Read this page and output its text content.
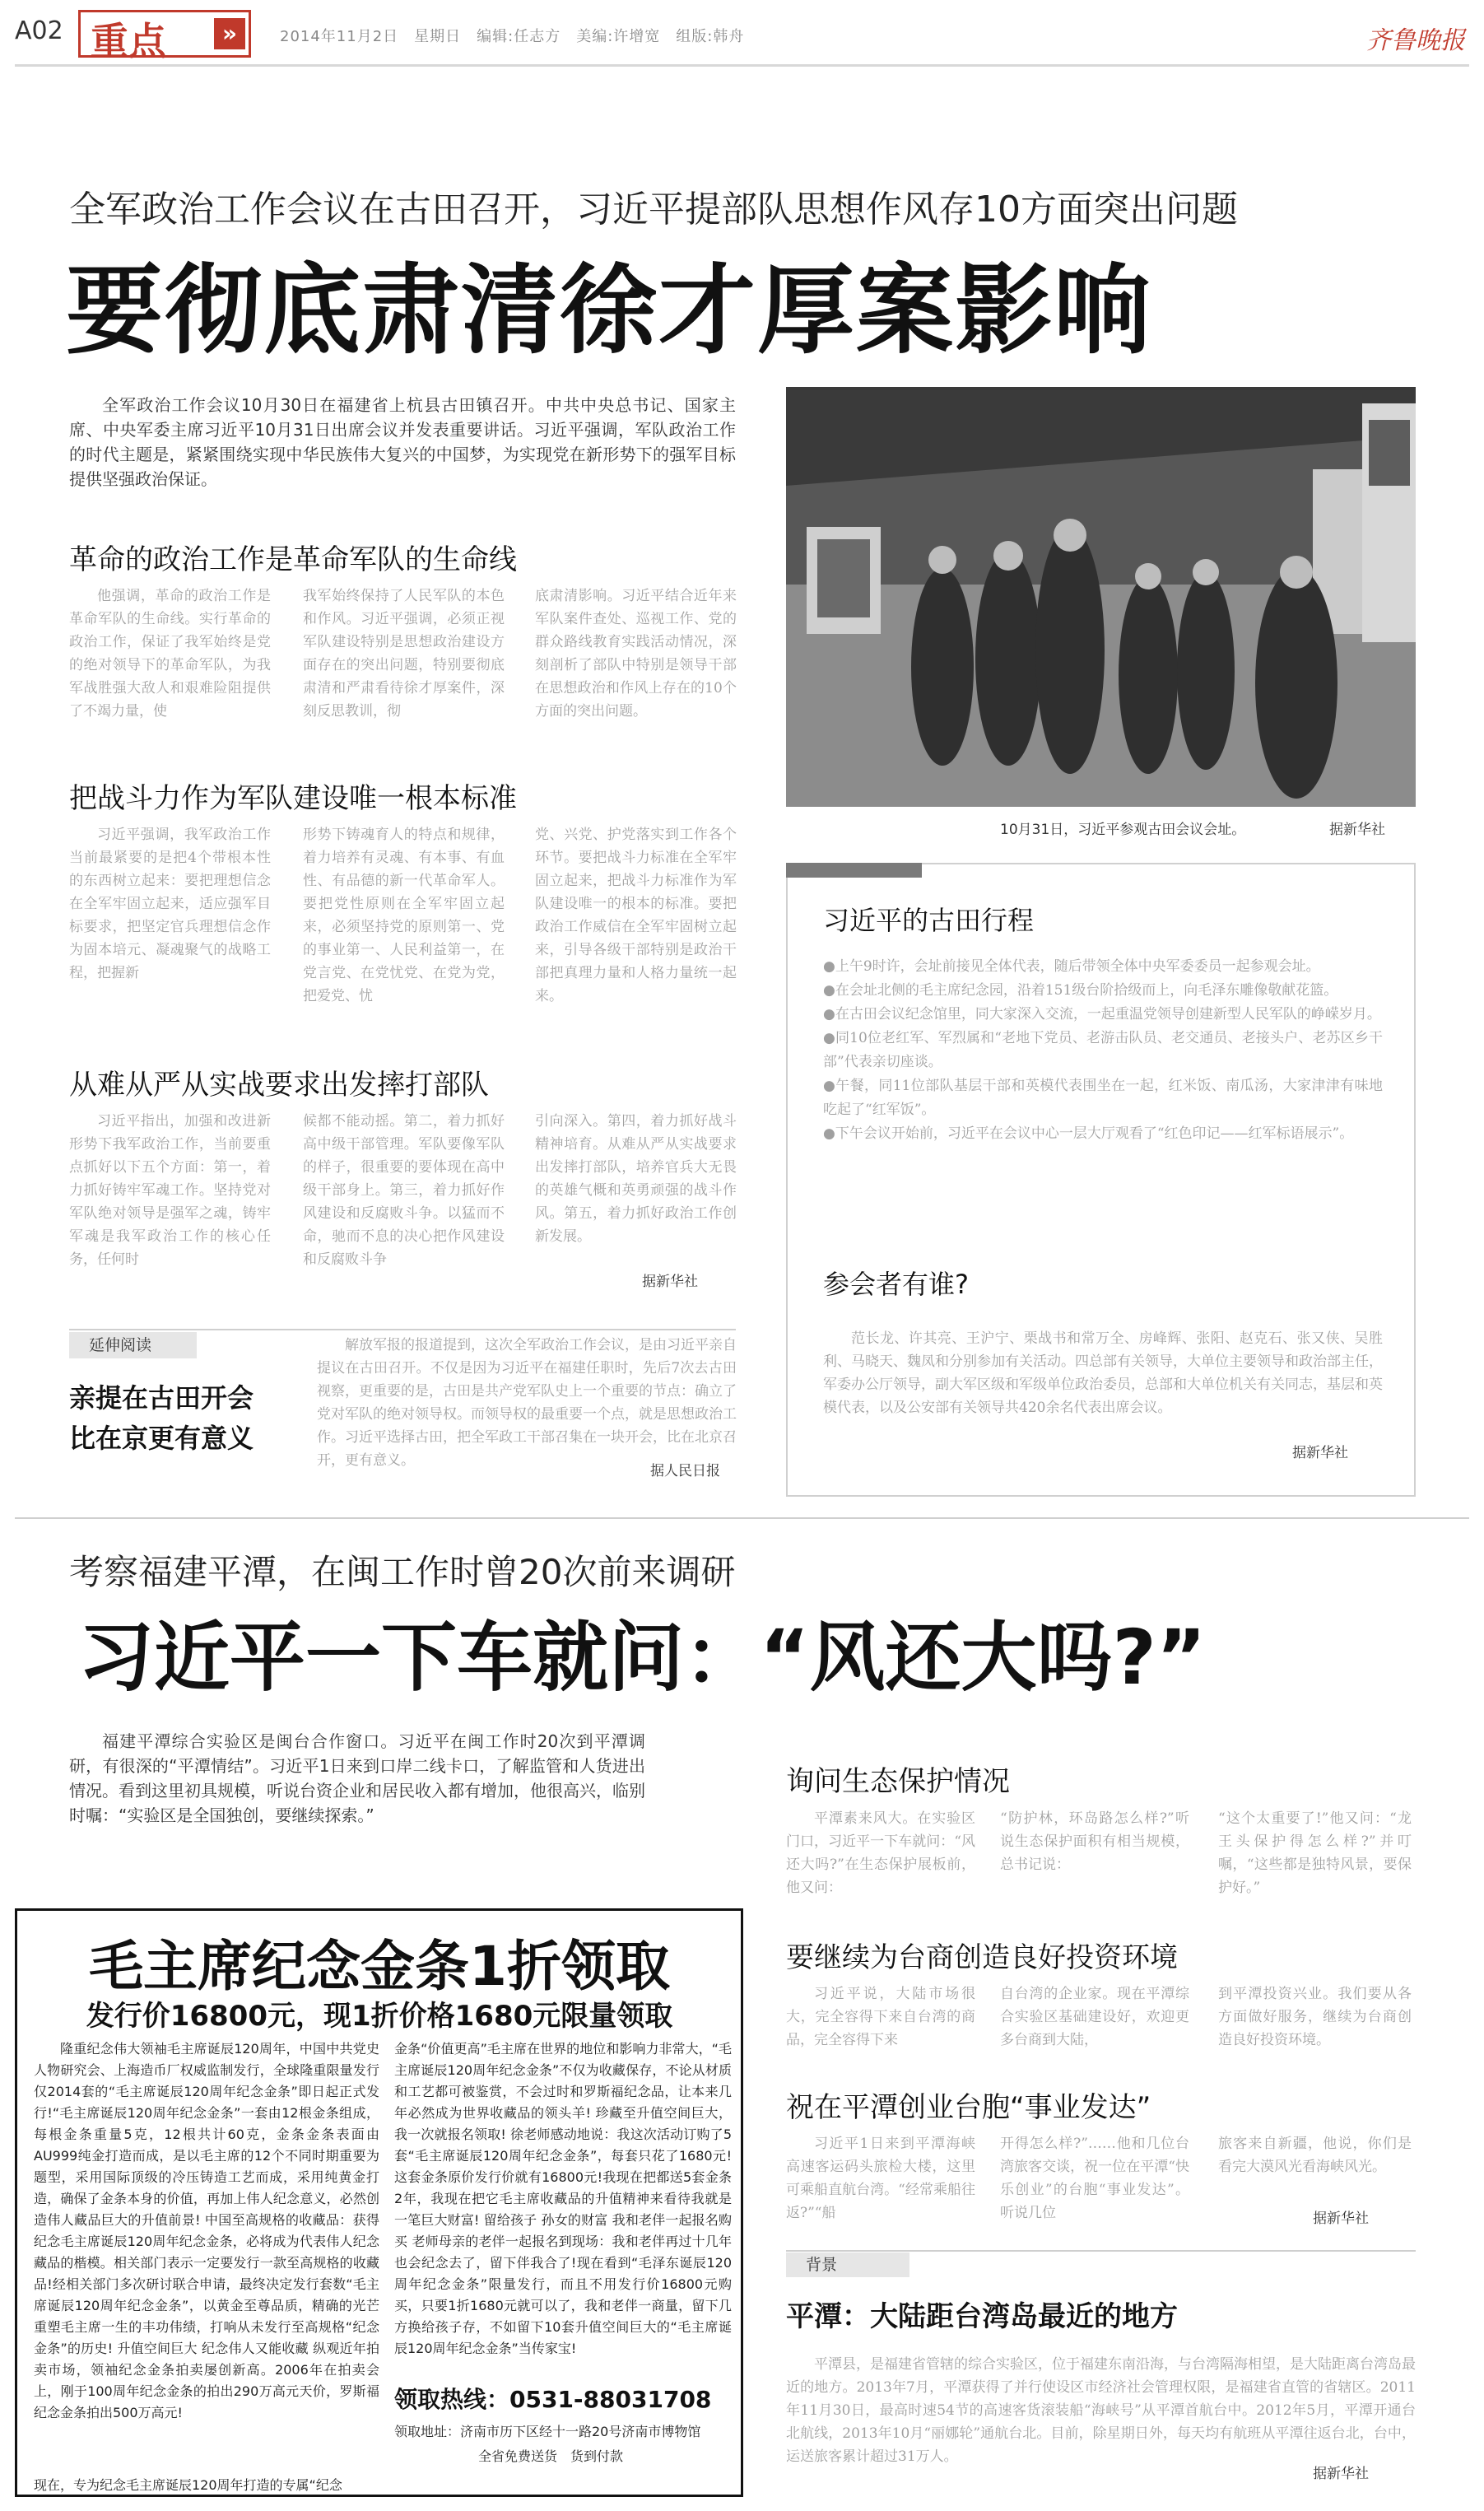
A02 重点	»	2014年11月2日　星期日　编辑:任志方　美编:许增宽　组版:韩舟	齐鲁晚报
全军政治工作会议在古田召开，习近平提部队思想作风存10方面突出问题
要彻底肃清徐才厚案影响
全军政治工作会议10月30日在福建省上杭县古田镇召开。中共中央总书记、国家主席、中央军委主席习近平10月31日出席会议并发表重要讲话。习近平强调，军队政治工作的时代主题是，紧紧围绕实现中华民族伟大复兴的中国梦，为实现党在新形势下的强军目标提供坚强政治保证。
革命的政治工作是革命军队的生命线
他强调，革命的政治工作是革命军队的生命线。实行革命的政治工作，保证了我军始终是党的绝对领导下的革命军队，为我军战胜强大敌人和艰难险阻提供了不竭力量，使
我军始终保持了人民军队的本色和作风。习近平强调，必须正视军队建设特别是思想政治建设方面存在的突出问题，特别要彻底肃清和严肃看待徐才厚案件，深刻反思教训，彻
底肃清影响。习近平结合近年来军队案件查处、巡视工作、党的群众路线教育实践活动情况，深刻剖析了部队中特别是领导干部在思想政治和作风上存在的10个方面的突出问题。
把战斗力作为军队建设唯一根本标准
习近平强调，我军政治工作当前最紧要的是把4个带根本性的东西树立起来：要把理想信念在全军牢固立起来，适应强军目标要求，把坚定官兵理想信念作为固本培元、凝魂聚气的战略工程，把握新
形势下铸魂育人的特点和规律，着力培养有灵魂、有本事、有血性、有品德的新一代革命军人。要把党性原则在全军牢固立起来，必须坚持党的原则第一、党的事业第一、人民利益第一，在党言党、在党忧党、在党为党，把爱党、忧
党、兴党、护党落实到工作各个环节。要把战斗力标准在全军牢固立起来，把战斗力标准作为军队建设唯一的根本的标准。要把政治工作威信在全军牢固树立起来，引导各级干部特别是政治干部把真理力量和人格力量统一起来。
从难从严从实战要求出发摔打部队
习近平指出，加强和改进新形势下我军政治工作，当前要重点抓好以下五个方面：第一，着力抓好铸牢军魂工作。坚持党对军队绝对领导是强军之魂，铸牢军魂是我军政治工作的核心任务，任何时
候都不能动摇。第二，着力抓好高中级干部管理。军队要像军队的样子，很重要的要体现在高中级干部身上。第三，着力抓好作风建设和反腐败斗争。以猛而不命，驰而不息的决心把作风建设和反腐败斗争
引向深入。第四，着力抓好战斗精神培育。从难从严从实战要求出发摔打部队，培养官兵大无畏的英雄气概和英勇顽强的战斗作风。第五，着力抓好政治工作创新发展。
据新华社
10月31日，习近平参观古田会议会址。	据新华社
习近平的古田行程
●上午9时许，会址前接见全体代表，随后带领全体中央军委委员一起参观会址。
●在会址北侧的毛主席纪念园，沿着151级台阶拾级而上，向毛泽东雕像敬献花篮。
●在古田会议纪念馆里，同大家深入交流，一起重温党领导创建新型人民军队的峥嵘岁月。
●同10位老红军、军烈属和“老地下党员、老游击队员、老交通员、老接头户、老苏区乡干部”代表亲切座谈。
●午餐，同11位部队基层干部和英模代表围坐在一起，红米饭、南瓜汤，大家津津有味地吃起了“红军饭”。
●下午会议开始前，习近平在会议中心一层大厅观看了“红色印记——红军标语展示”。
参会者有谁?
范长龙、许其亮、王沪宁、栗战书和常万全、房峰辉、张阳、赵克石、张又侠、吴胜利、马晓天、魏凤和分别参加有关活动。四总部有关领导，大单位主要领导和政治部主任，军委办公厅领导，副大军区级和军级单位政治委员，总部和大单位机关有关同志，基层和英模代表，以及公安部有关领导共420余名代表出席会议。
据新华社
延伸阅读
亲提在古田开会
比在京更有意义
解放军报的报道提到，这次全军政治工作会议，是由习近平亲自提议在古田召开。不仅是因为习近平在福建任职时，先后7次去古田视察，更重要的是，古田是共产党军队史上一个重要的节点：确立了党对军队的绝对领导权。而领导权的最重要一个点，就是思想政治工作。习近平选择古田，把全军政工干部召集在一块开会，比在北京召开，更有意义。
据人民日报
考察福建平潭，在闽工作时曾20次前来调研
习近平一下车就问：“风还大吗?”
福建平潭综合实验区是闽台合作窗口。习近平在闽工作时20次到平潭调研，有很深的“平潭情结”。习近平1日来到口岸二线卡口，了解监管和人货进出情况。看到这里初具规模，听说台资企业和居民收入都有增加，他很高兴，临别时嘱：“实验区是全国独创，要继续探索。”
询问生态保护情况
平潭素来风大。在实验区门口，习近平一下车就问：“风还大吗?”在生态保护展板前，他又问：
“防护林，环岛路怎么样?”听说生态保护面积有相当规模，总书记说：
“这个太重要了!”他又问：“龙王头保护得怎么样?”并叮嘱，“这些都是独特风景，要保护好。”
要继续为台商创造良好投资环境
习近平说，大陆市场很大，完全容得下来自台湾的商品，完全容得下来
自台湾的企业家。现在平潭综合实验区基础建设好，欢迎更多台商到大陆，
到平潭投资兴业。我们要从各方面做好服务，继续为台商创造良好投资环境。
祝在平潭创业台胞“事业发达”
习近平1日来到平潭海峡高速客运码头旅检大楼，这里可乘船直航台湾。“经常乘船往返?”“船
开得怎么样?”……他和几位台湾旅客交谈，祝一位在平潭“快乐创业”的台胞“事业发达”。听说几位
旅客来自新疆，他说，你们是看完大漠风光看海峡风光。
据新华社
背景
平潭：大陆距台湾岛最近的地方
平潭县，是福建省管辖的综合实验区，位于福建东南沿海，与台湾隔海相望，是大陆距离台湾岛最近的地方。2013年7月，平潭获得了并行使设区市经济社会管理权限，是福建省直管的省辖区。2011年11月30日，最高时速54节的高速客货滚装船“海峡号”从平潭首航台中。2012年5月，平潭开通台北航线，2013年10月“丽娜轮”通航台北。目前，除星期日外，每天均有航班从平潭往返台北，台中，运送旅客累计超过31万人。
据新华社
毛主席纪念金条1折领取
发行价16800元，现1折价格1680元限量领取
隆重纪念伟大领袖毛主席诞辰120周年，中国中共党史人物研究会、上海造币厂权威监制发行，全球隆重限量发行仅2014套的“毛主席诞辰120周年纪念金条”即日起正式发行!“毛主席诞辰120周年纪念金条”一套由12根金条组成，每根金条重量5克，12根共计60克，金条金条表面由AU999纯金打造而成，是以毛主席的12个不同时期重要为题型，采用国际顶级的冷压铸造工艺而成，采用纯黄金打造，确保了金条本身的价值，再加上伟人纪念意义，必然创造伟人藏品巨大的升值前景! 中国至高规格的收藏品：获得纪念毛主席诞辰120周年纪念金条，必将成为代表伟人纪念藏品的楷模。相关部门表示一定要发行一款至高规格的收藏品!经相关部门多次研讨联合申请，最终决定发行套数“毛主席诞辰120周年纪念金条”，以黄金至尊品质，精确的光芒重塑毛主席一生的丰功伟绩，打响从未发行至高规格“纪念金条”的历史! 升值空间巨大 纪念伟人又能收藏 纵观近年拍卖市场，领袖纪念金条拍卖屡创新高。2006年在拍卖会上，刚于100周年纪念金条的拍出290万高元天价，罗斯福纪念金条拍出500万高元!
金条“价值更高”毛主席在世界的地位和影响力非常大，“毛主席诞辰120周年纪念金条”不仅为收藏保存，不论从材质和工艺都可被鉴赏，不会过时和罗斯福纪念品，让本来几年必然成为世界收藏品的领头羊! 珍藏至升值空间巨大，我一次就报名领取! 徐老师感动地说：我这次活动订购了5套“毛主席诞辰120周年纪念金条”，每套只花了1680元!这套金条原价发行价就有16800元!我现在把都送5套金条2年，我现在把它毛主席收藏品的升值精神来看待我就是一笔巨大财富! 留给孩子 孙女的财富 我和老伴一起报名购买 老师母亲的老伴一起报名到现场：我和老伴再过十几年也会纪念去了，留下伴我合了!现在看到“毛泽东诞辰120周年纪念金条”限量发行，而且不用发行价16800元购买，只要1折1680元就可以了，我和老伴一商量，留下几方换给孩子存，不如留下10套升值空间巨大的“毛主席诞辰120周年纪念金条”当传家宝!
领取热线：0531-88031708
领取地址：济南市历下区经十一路20号济南市博物馆
全省免费送货　货到付款
现在，专为纪念毛主席诞辰120周年打造的专属“纪念
